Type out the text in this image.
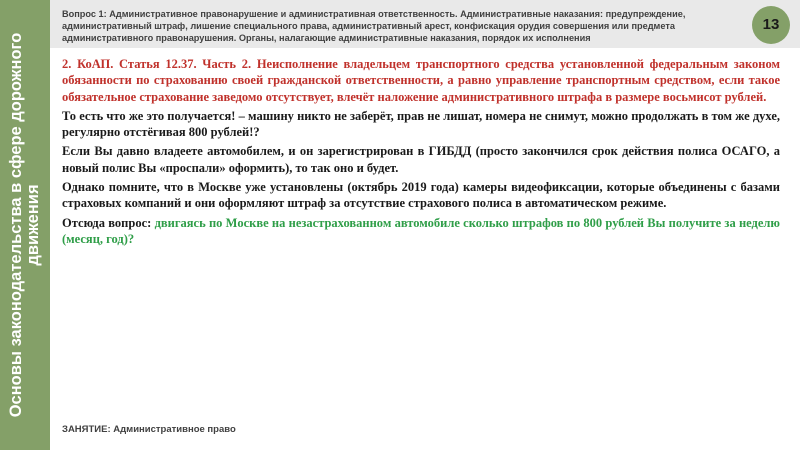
Основы законодательства в сфере дорожного движения
Вопрос 1: Административное правонарушение и административная ответственность. Административные наказания: предупреждение, административный штраф, лишение специального права, административный арест, конфискация орудия совершения или предмета административного правонарушения. Органы, налагающие административные наказания, порядок их исполнения
13

2. КоАП. Статья 12.37. Часть 2. Неисполнение владельцем транспортного средства установленной федеральным законом обязанности по страхованию своей гражданской ответственности, а равно управление транспортным средством, если такое обязательное страхование заведомо отсутствует, влечёт наложение административного штрафа в размере восьмисот рублей.

То есть что же это получается! – машину никто не заберёт, прав не лишат, номера не снимут, можно продолжать в том же духе, регулярно отстёгивая 800 рублей!?

Если Вы давно владеете автомобилем, и он зарегистрирован в ГИБДД (просто закончился срок действия полиса ОСАГО, а новый полис Вы «проспали» оформить), то так оно и будет.

Однако помните, что в Москве уже установлены (октябрь 2019 года) камеры видеофиксации, которые объединены с базами страховых компаний и они оформляют штраф за отсутствие страхового полиса в автоматическом режиме.

Отсюда вопрос: двигаясь по Москве на незастрахованном автомобиле сколько штрафов по 800 рублей Вы получите за неделю (месяц, год)?

ЗАНЯТИЕ: Административное право
